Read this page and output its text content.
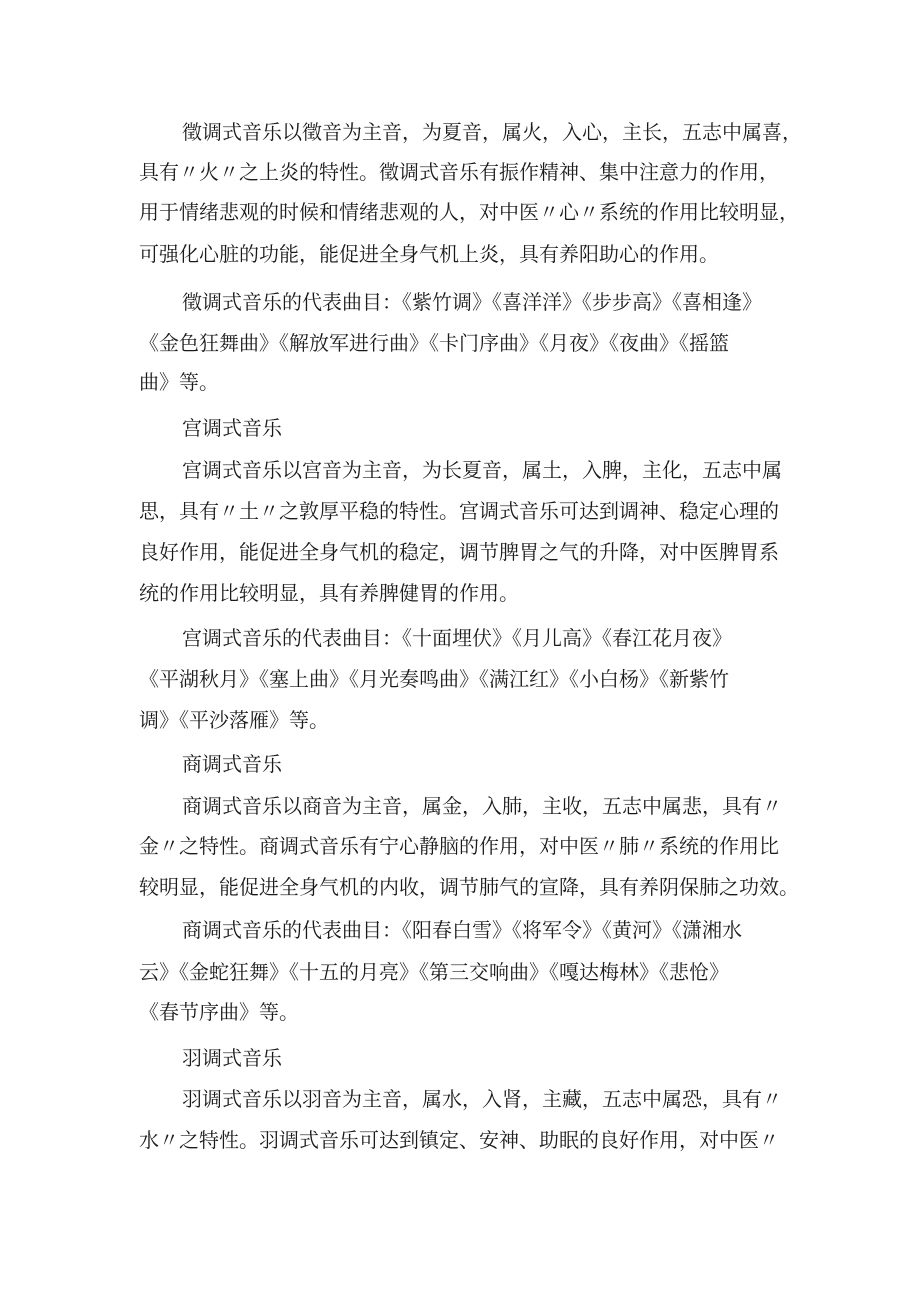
徵调式音乐以徵音为主音，为夏音，属火，入心，主长，五志中属喜，

具有〃火〃之上炎的特性。徵调式音乐有振作精神、集中注意力的作用，

用于情绪悲观的时候和情绪悲观的人，对中医〃心〃系统的作用比较明显，

可强化心脏的功能，能促进全身气机上炎，具有养阳助心的作用。

徵调式音乐的代表曲目：《紫竹调》《喜洋洋》《步步高》《喜相逢》

《金色狂舞曲》《解放军进行曲》《卡门序曲》《月夜》《夜曲》《摇篮

曲》等。

宫调式音乐

宫调式音乐以宫音为主音，为长夏音，属土，入脾，主化，五志中属

思，具有〃土〃之敦厚平稳的特性。宫调式音乐可达到调神、稳定心理的

良好作用，能促进全身气机的稳定，调节脾胃之气的升降，对中医脾胃系

统的作用比较明显，具有养脾健胃的作用。

宫调式音乐的代表曲目：《十面埋伏》《月儿高》《春江花月夜》

《平湖秋月》《塞上曲》《月光奏鸣曲》《满江红》《小白杨》《新紫竹

调》《平沙落雁》等。

商调式音乐

商调式音乐以商音为主音，属金，入肺，主收，五志中属悲，具有〃

金〃之特性。商调式音乐有宁心静脑的作用，对中医〃肺〃系统的作用比

较明显，能促进全身气机的内收，调节肺气的宣降，具有养阴保肺之功效。

商调式音乐的代表曲目：《阳春白雪》《将军令》《黄河》《潇湘水

云》《金蛇狂舞》《十五的月亮》《第三交响曲》《嘎达梅林》《悲怆》

《春节序曲》等。

羽调式音乐

羽调式音乐以羽音为主音，属水，入肾，主藏，五志中属恐，具有〃

水〃之特性。羽调式音乐可达到镇定、安神、助眠的良好作用，对中医〃
